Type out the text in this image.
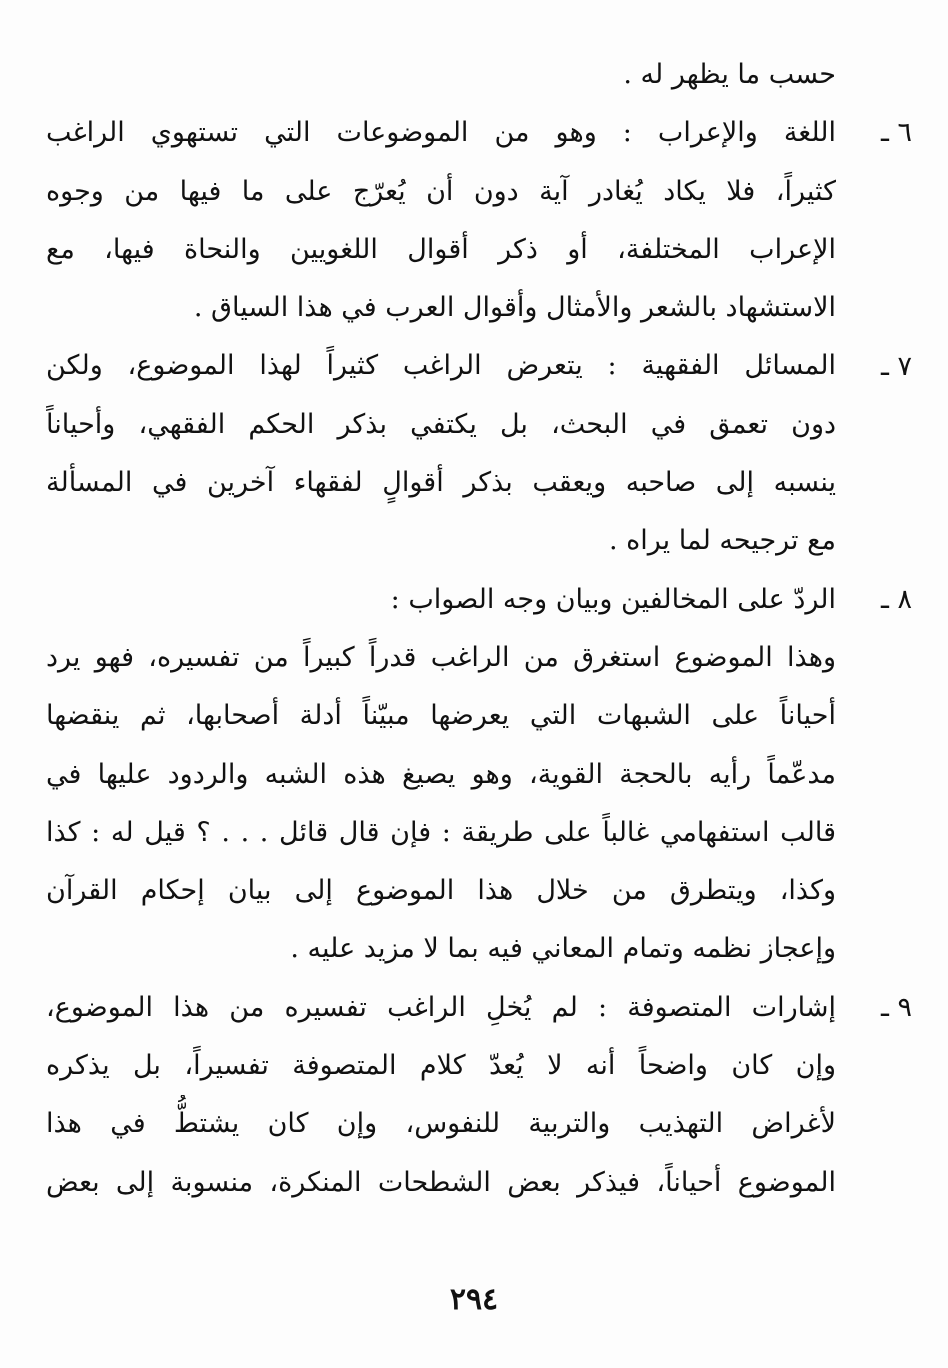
حسب ما يظهر له .
اللغة والإعراب : وهو من الموضوعات التي تستهوي الراغب
كثيراً، فلا يكاد يُغادر آية دون أن يُعرّج على ما فيها من وجوه
الإعراب المختلفة، أو ذكر أقوال اللغويين والنحاة فيها، مع
الاستشهاد بالشعر والأمثال وأقوال العرب في هذا السياق .
المسائل الفقهية : يتعرض الراغب كثيراً لهذا الموضوع، ولكن
دون تعمق في البحث، بل يكتفي بذكر الحكم الفقهي، وأحياناً
ينسبه إلى صاحبه ويعقب بذكر أقوالٍ لفقهاء آخرين في المسألة
مع ترجيحه لما يراه .
الردّ على المخالفين وبيان وجه الصواب :
وهذا الموضوع استغرق من الراغب قدراً كبيراً من تفسيره، فهو يرد
أحياناً على الشبهات التي يعرضها مبيّناً أدلة أصحابها، ثم ينقضها
مدعّماً رأيه بالحجة القوية، وهو يصيغ هذه الشبه والردود عليها في
قالب استفهامي غالباً على طريقة : فإن قال قائل . . . ؟ قيل له : كذا
وكذا، ويتطرق من خلال هذا الموضوع إلى بيان إحكام القرآن
وإعجاز نظمه وتمام المعاني فيه بما لا مزيد عليه .
إشارات المتصوفة : لم يُخلِ الراغب تفسيره من هذا الموضوع،
وإن كان واضحاً أنه لا يُعدّ كلام المتصوفة تفسيراً، بل يذكره
لأغراض التهذيب والتربية للنفوس، وإن كان يشتطُّ في هذا
الموضوع أحياناً، فيذكر بعض الشطحات المنكرة، منسوبة إلى بعض
٦ ـ
٧ ـ
٨ ـ
٩ ـ
٢٩٤
